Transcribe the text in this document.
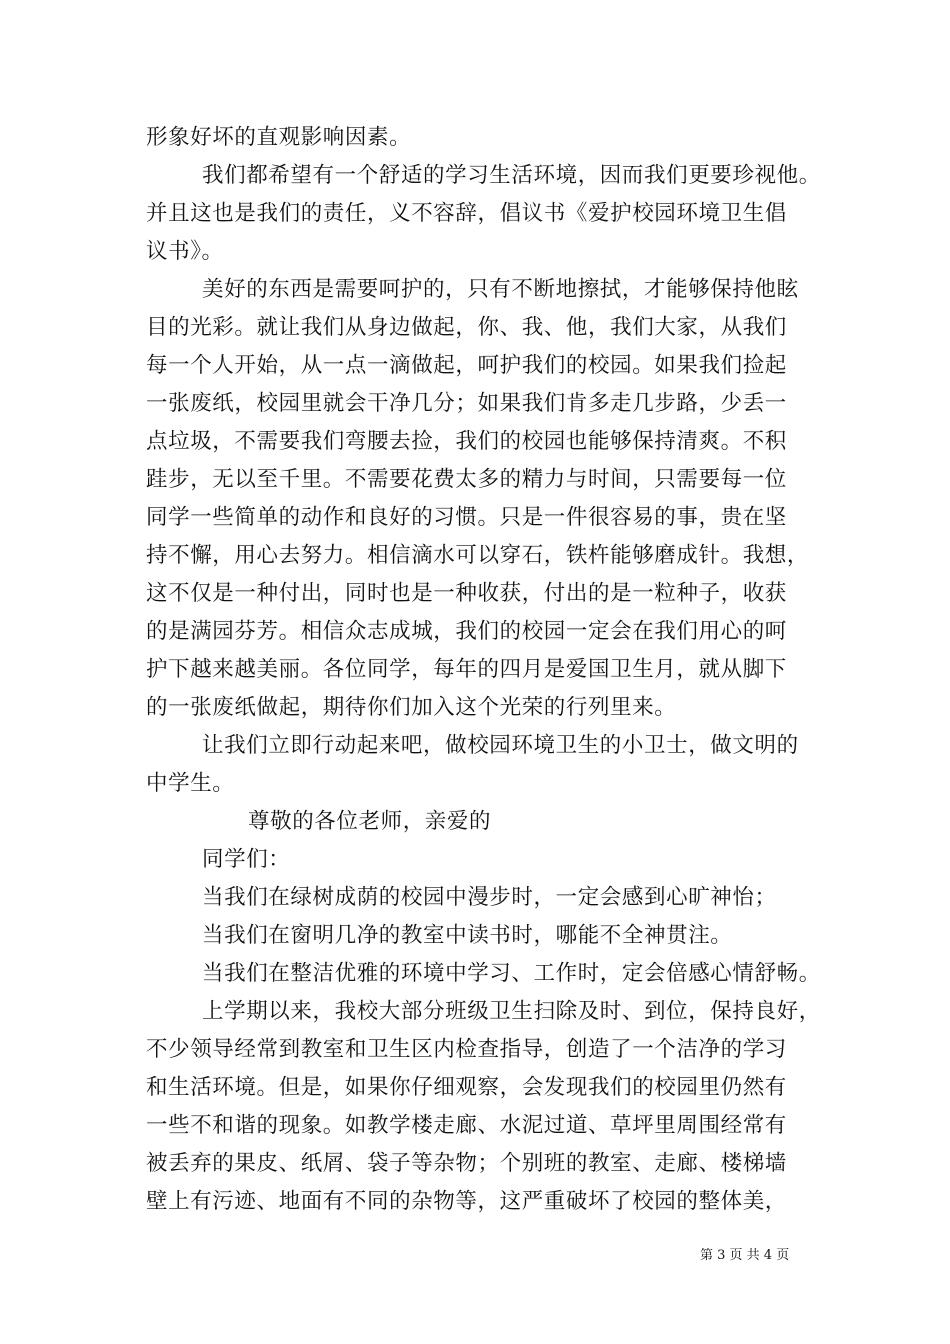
形象好坏的直观影响因素。
我们都希望有一个舒适的学习生活环境，因而我们更要珍视他。
并且这也是我们的责任，义不容辞，倡议书《爱护校园环境卫生倡
议书》。
美好的东西是需要呵护的，只有不断地擦拭，才能够保持他眩
目的光彩。就让我们从身边做起，你、我、他，我们大家，从我们
每一个人开始，从一点一滴做起，呵护我们的校园。如果我们捡起
一张废纸，校园里就会干净几分；如果我们肯多走几步路，少丢一
点垃圾，不需要我们弯腰去捡，我们的校园也能够保持清爽。不积
跬步，无以至千里。不需要花费太多的精力与时间，只需要每一位
同学一些简单的动作和良好的习惯。只是一件很容易的事，贵在坚
持不懈，用心去努力。相信滴水可以穿石，铁杵能够磨成针。我想，
这不仅是一种付出，同时也是一种收获，付出的是一粒种子，收获
的是满园芬芳。相信众志成城，我们的校园一定会在我们用心的呵
护下越来越美丽。各位同学，每年的四月是爱国卫生月，就从脚下
的一张废纸做起，期待你们加入这个光荣的行列里来。
让我们立即行动起来吧，做校园环境卫生的小卫士，做文明的
中学生。
尊敬的各位老师，亲爱的
同学们：
当我们在绿树成荫的校园中漫步时，一定会感到心旷神怡；
当我们在窗明几净的教室中读书时，哪能不全神贯注。
当我们在整洁优雅的环境中学习、工作时，定会倍感心情舒畅。
上学期以来，我校大部分班级卫生扫除及时、到位，保持良好，
不少领导经常到教室和卫生区内检查指导，创造了一个洁净的学习
和生活环境。但是，如果你仔细观察，会发现我们的校园里仍然有
一些不和谐的现象。如教学楼走廊、水泥过道、草坪里周围经常有
被丢弃的果皮、纸屑、袋子等杂物；个别班的教室、走廊、楼梯墙
壁上有污迹、地面有不同的杂物等，这严重破坏了校园的整体美，
第 3 页 共 4 页
